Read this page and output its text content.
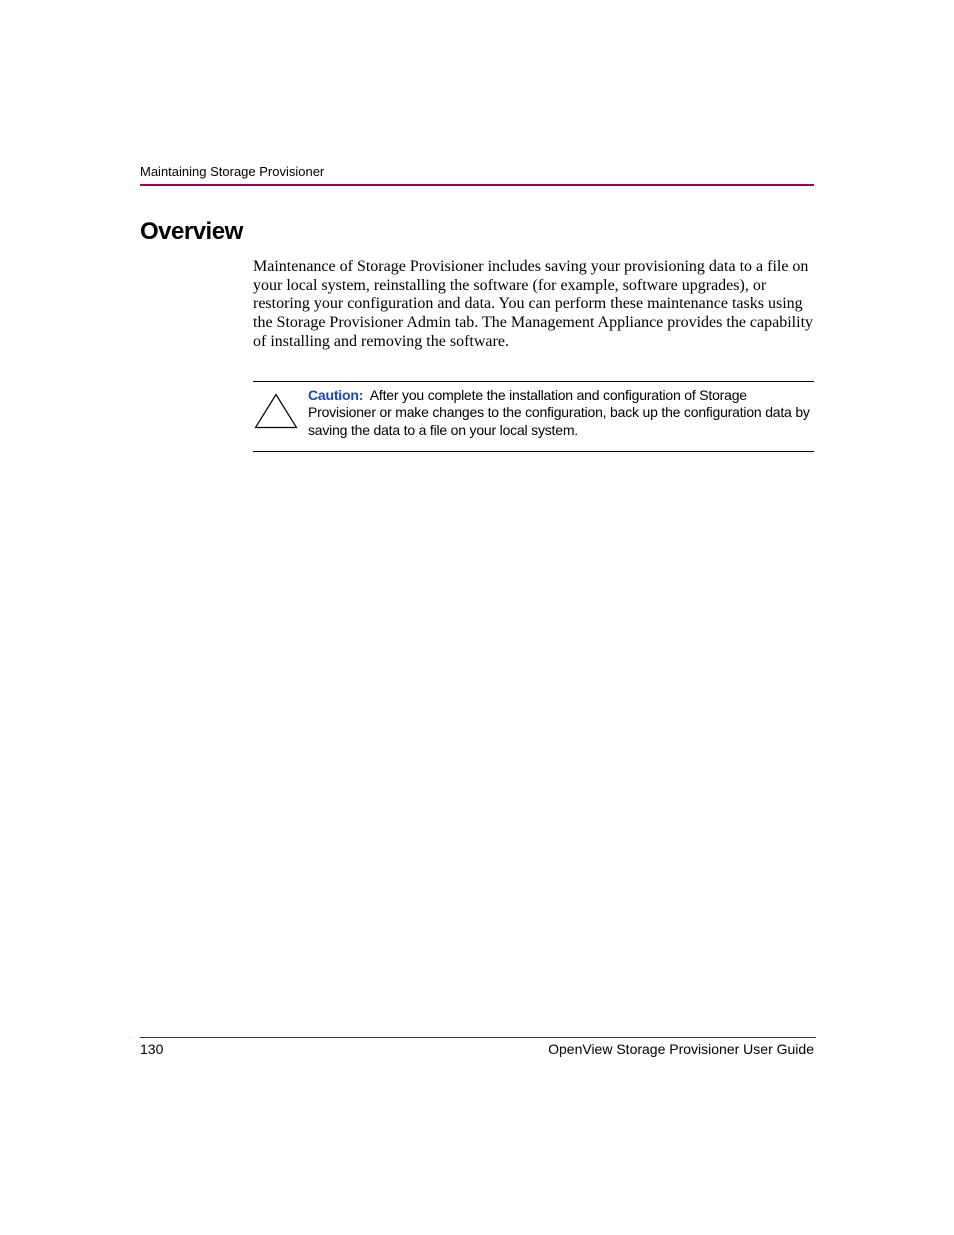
Maintaining Storage Provisioner
Overview

Maintenance of Storage Provisioner includes saving your provisioning data to a file on your local system, reinstalling the software (for example, software upgrades), or restoring your configuration and data. You can perform these maintenance tasks using the Storage Provisioner Admin tab. The Management Appliance provides the capability of installing and removing the software.

Caution: After you complete the installation and configuration of Storage Provisioner or make changes to the configuration, back up the configuration data by saving the data to a file on your local system.

130	OpenView Storage Provisioner User Guide
